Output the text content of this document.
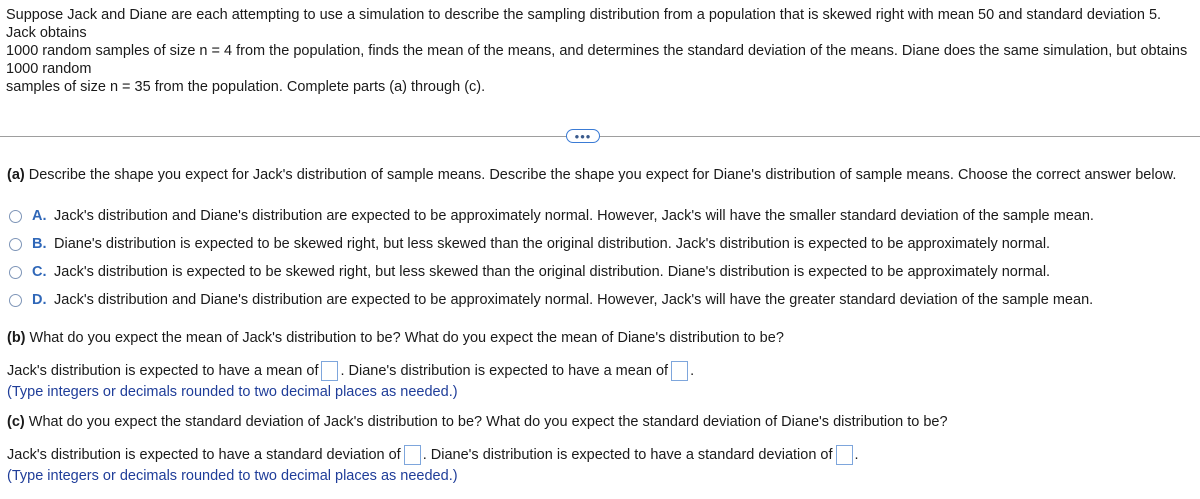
Suppose Jack and Diane are each attempting to use a simulation to describe the sampling distribution from a population that is skewed right with mean 50 and standard deviation 5. Jack obtains

1000 random samples of size n = 4 from the population, finds the mean of the means, and determines the standard deviation of the means. Diane does the same simulation, but obtains 1000 random

samples of size n = 35 from the population. Complete parts (a) through (c).

•••
(a) Describe the shape you expect for Jack's distribution of sample means. Describe the shape you expect for Diane's distribution of sample means. Choose the correct answer below.
A. Jack's distribution and Diane's distribution are expected to be approximately normal. However, Jack's will have the smaller standard deviation of the sample mean.
B. Diane's distribution is expected to be skewed right, but less skewed than the original distribution. Jack's distribution is expected to be approximately normal.
C. Jack's distribution is expected to be skewed right, but less skewed than the original distribution. Diane's distribution is expected to be approximately normal.
D. Jack's distribution and Diane's distribution are expected to be approximately normal. However, Jack's will have the greater standard deviation of the sample mean.
(b) What do you expect the mean of Jack's distribution to be? What do you expect the mean of Diane's distribution to be?
Jack's distribution is expected to have a mean of . Diane's distribution is expected to have a mean of .
(Type integers or decimals rounded to two decimal places as needed.)
(c) What do you expect the standard deviation of Jack's distribution to be? What do you expect the standard deviation of Diane's distribution to be?
Jack's distribution is expected to have a standard deviation of . Diane's distribution is expected to have a standard deviation of .
(Type integers or decimals rounded to two decimal places as needed.)
